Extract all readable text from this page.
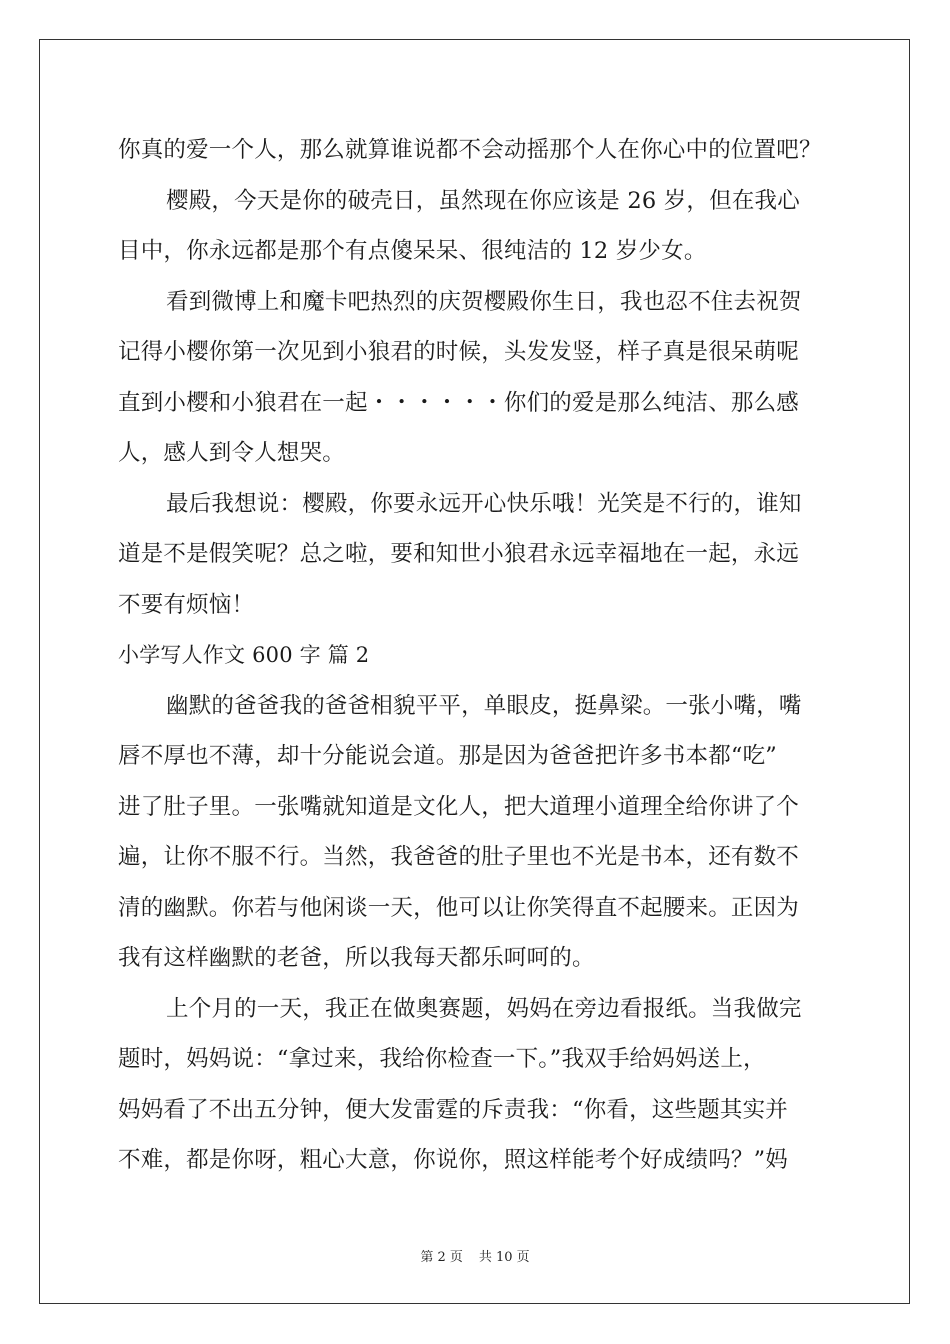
你真的爱一个人，那么就算谁说都不会动摇那个人在你心中的位置吧？
樱殿，今天是你的破壳日，虽然现在你应该是 26 岁，但在我心
目中，你永远都是那个有点傻呆呆、很纯洁的 12 岁少女。
看到微博上和魔卡吧热烈的庆贺樱殿你生日，我也忍不住去祝贺
记得小樱你第一次见到小狼君的时候，头发发竖，样子真是很呆萌呢
直到小樱和小狼君在一起・・・・・・你们的爱是那么纯洁、那么感
人，感人到令人想哭。
最后我想说：樱殿，你要永远开心快乐哦！光笑是不行的，谁知
道是不是假笑呢？总之啦，要和知世小狼君永远幸福地在一起，永远
不要有烦恼！
小学写人作文 600 字 篇 2
幽默的爸爸我的爸爸相貌平平，单眼皮，挺鼻梁。一张小嘴，嘴
唇不厚也不薄，却十分能说会道。那是因为爸爸把许多书本都“吃”
进了肚子里。一张嘴就知道是文化人，把大道理小道理全给你讲了个
遍，让你不服不行。当然，我爸爸的肚子里也不光是书本，还有数不
清的幽默。你若与他闲谈一天，他可以让你笑得直不起腰来。正因为
我有这样幽默的老爸，所以我每天都乐呵呵的。
上个月的一天，我正在做奥赛题，妈妈在旁边看报纸。当我做完
题时，妈妈说：“拿过来，我给你检查一下。”我双手给妈妈送上，
妈妈看了不出五分钟，便大发雷霆的斥责我：“你看，这些题其实并
不难，都是你呀，粗心大意，你说你，照这样能考个好成绩吗？”妈
第 2 页 共 10 页
